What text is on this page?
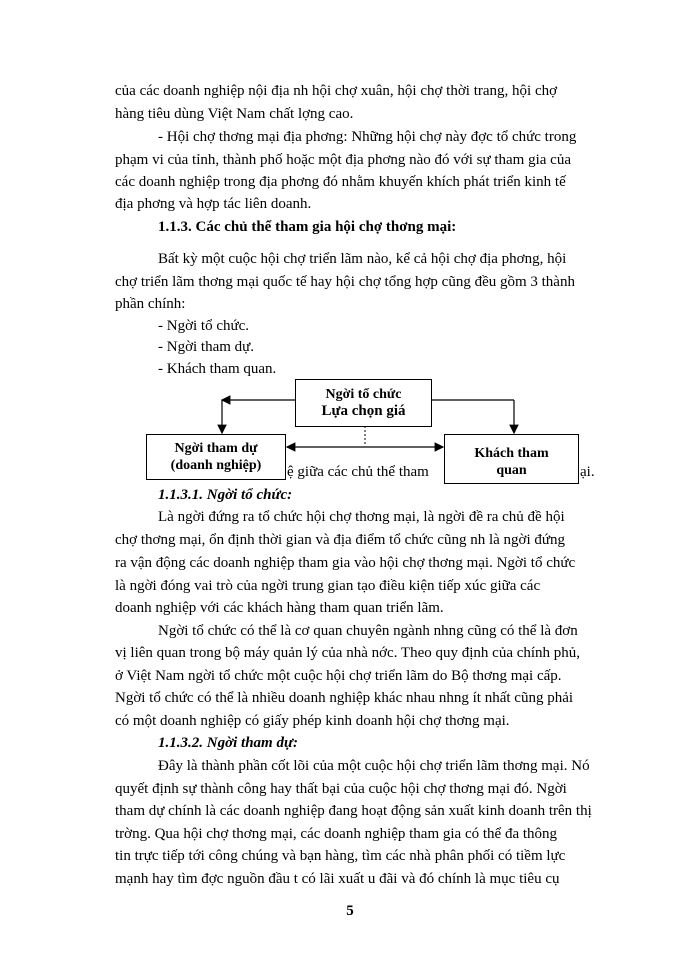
của các doanh nghiệp nội địa nh hội chợ xuân, hội chợ thời trang, hội chợ
hàng tiêu dùng Việt Nam chất lợng cao.
- Hội chợ thơng mại địa phơng: Những hội chợ này đợc tổ chức trong
phạm vi của tỉnh, thành phố hoặc một địa phơng nào đó với sự tham gia của
các doanh nghiệp trong địa phơng đó nhằm khuyến khích phát triển kinh tế
địa phơng và hợp tác liên doanh.
1.1.3. Các chủ thể tham gia hội chợ thơng mại:
Bất kỳ một cuộc hội chợ triển lãm nào, kể cả hội chợ địa phơng, hội
chợ triển lãm thơng mại quốc tế hay hội chợ tổng hợp cũng đều gồm 3 thành
phần chính:
- Ngời tổ chức.
- Ngời tham dự.
- Khách tham quan.
Ngời tổ chức
Lựa chọn giá
Ngời tham dự
(doanh nghiệp)
Khách tham
quan
ệ giữa các chủ thể tham	ại.
1.1.3.1. Ngời tổ chức:
Là ngời đứng ra tổ chức hội chợ thơng mại, là ngời đề ra chủ đề hội
chợ thơng mại, ổn định thời gian và địa điểm tổ chức cũng nh là ngời đứng
ra vận động các doanh nghiệp tham gia vào hội chợ thơng mại. Ngời tổ chức
là ngời đóng vai trò của ngời trung gian tạo điều kiện tiếp xúc giữa các
doanh nghiệp với các khách hàng tham quan triển lãm.
Ngời tổ chức có thể là cơ quan chuyên ngành nhng cũng có thể là đơn
vị liên quan trong bộ máy quản lý của nhà nớc. Theo quy định của chính phủ,
ở Việt Nam ngời tổ chức một cuộc hội chợ triển lãm do Bộ thơng mại cấp.
Ngời tổ chức có thể là nhiều doanh nghiệp khác nhau nhng ít nhất cũng phải
có một doanh nghiệp có giấy phép kinh doanh hội chợ thơng mại.
1.1.3.2. Ngời tham dự:
Đây là thành phần cốt lõi của một cuộc hội chợ triển lãm thơng mại. Nó
quyết định sự thành công hay thất bại của cuộc hội chợ thơng mại đó. Ngời
tham dự chính là các doanh nghiệp đang hoạt động sản xuất kinh doanh trên thị
trờng. Qua hội chợ thơng mại, các doanh nghiệp tham gia có thể đa thông
tin trực tiếp tới công chúng và bạn hàng, tìm các nhà phân phối có tiềm lực
mạnh hay tìm đợc nguồn đầu t có lãi xuất u đãi và đó chính là mục tiêu cụ
5
